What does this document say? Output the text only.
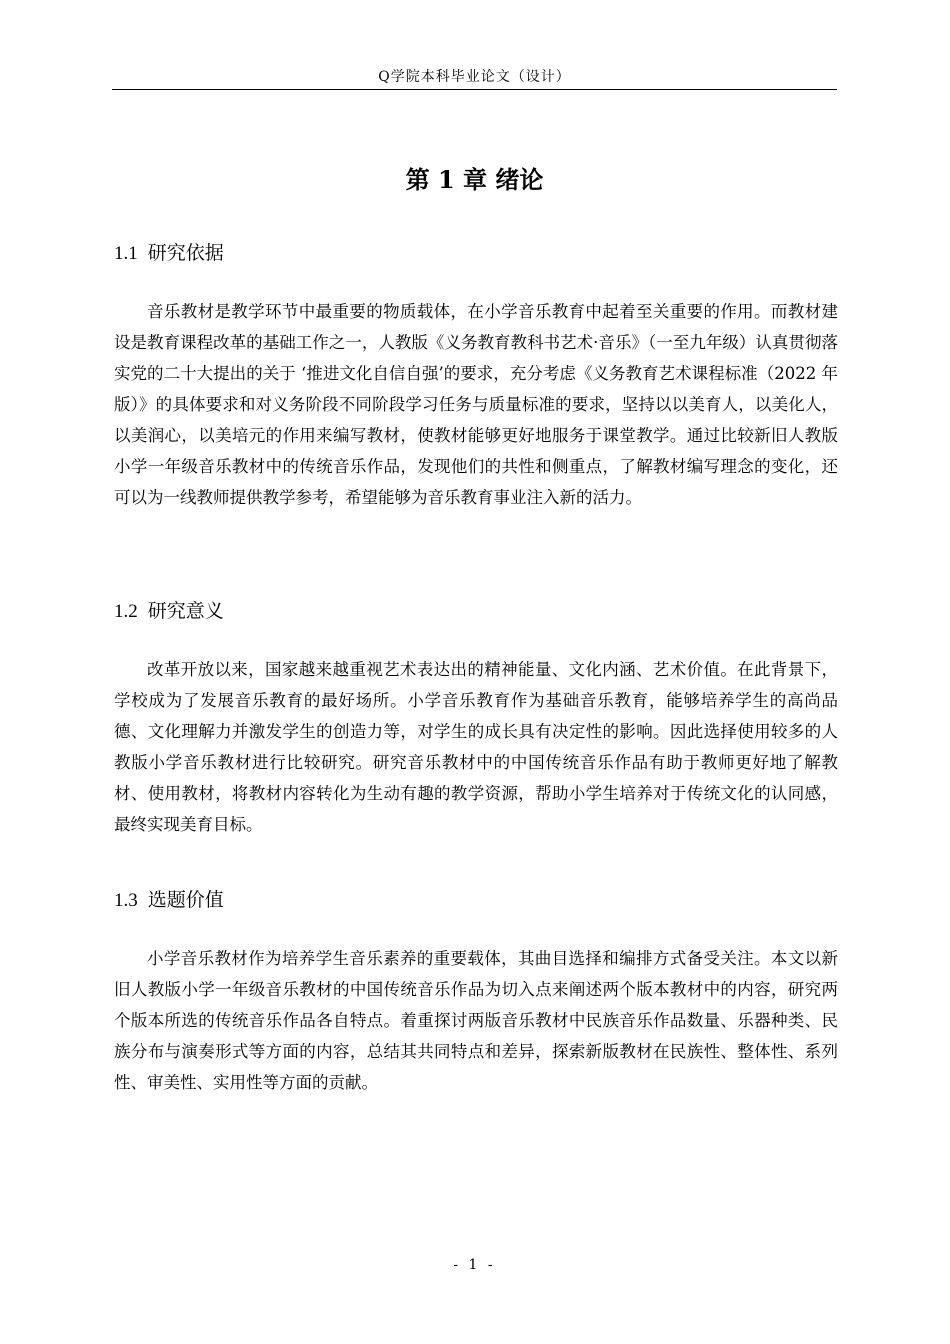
Q学院本科毕业论文（设计）
第 1 章 绪论
1.1 研究依据

音乐教材是教学环节中最重要的物质载体，在小学音乐教育中起着至关重要的作用。而教材建设是教育课程改革的基础工作之一，人教版《义务教育教科书艺术·音乐》（一至九年级）认真贯彻落实党的二十大提出的关于 ‘推进文化自信自强’的要求，充分考虑《义务教育艺术课程标准（2022 年版）》的具体要求和对义务阶段不同阶段学习任务与质量标准的要求，坚持以以美育人，以美化人，以美润心，以美培元的作用来编写教材，使教材能够更好地服务于课堂教学。通过比较新旧人教版小学一年级音乐教材中的传统音乐作品，发现他们的共性和侧重点，了解教材编写理念的变化，还可以为一线教师提供教学参考，希望能够为音乐教育事业注入新的活力。

1.2 研究意义

改革开放以来，国家越来越重视艺术表达出的精神能量、文化内涵、艺术价值。在此背景下，学校成为了发展音乐教育的最好场所。小学音乐教育作为基础音乐教育，能够培养学生的高尚品德、文化理解力并激发学生的创造力等，对学生的成长具有决定性的影响。因此选择使用较多的人教版小学音乐教材进行比较研究。研究音乐教材中的中国传统音乐作品有助于教师更好地了解教材、使用教材，将教材内容转化为生动有趣的教学资源，帮助小学生培养对于传统文化的认同感，最终实现美育目标。

1.3 选题价值

小学音乐教材作为培养学生音乐素养的重要载体，其曲目选择和编排方式备受关注。本文以新旧人教版小学一年级音乐教材的中国传统音乐作品为切入点来阐述两个版本教材中的内容，研究两个版本所选的传统音乐作品各自特点。着重探讨两版音乐教材中民族音乐作品数量、乐器种类、民族分布与演奏形式等方面的内容，总结其共同特点和差异，探索新版教材在民族性、整体性、系列性、审美性、实用性等方面的贡献。

- 1 -
